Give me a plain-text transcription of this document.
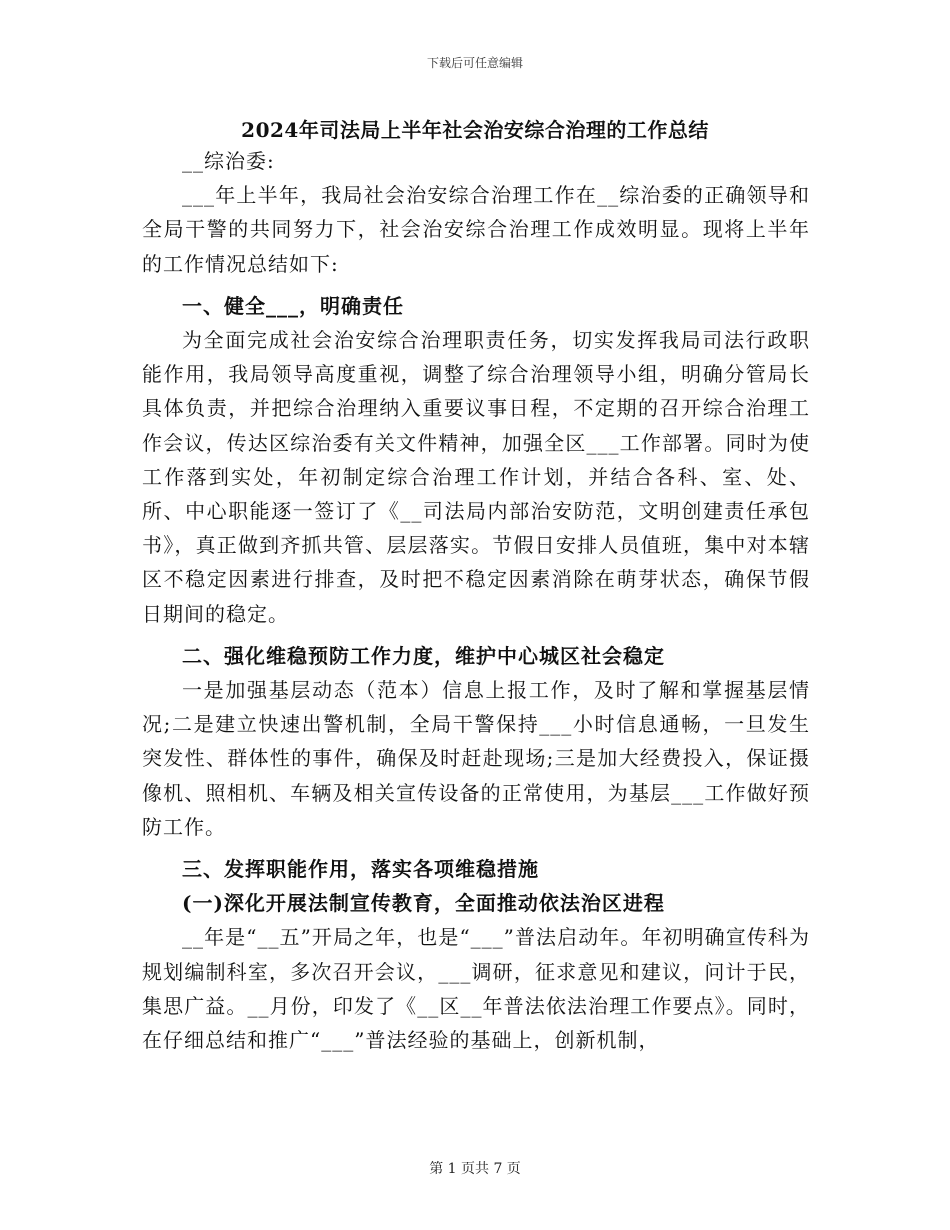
下载后可任意编辑
2024年司法局上半年社会治安综合治理的工作总结

__综治委:

___年上半年，我局社会治安综合治理工作在__综治委的正确领导和全局干警的共同努力下，社会治安综合治理工作成效明显。现将上半年的工作情况总结如下:

一、健全___，明确责任

为全面完成社会治安综合治理职责任务，切实发挥我局司法行政职能作用，我局领导高度重视，调整了综合治理领导小组，明确分管局长具体负责，并把综合治理纳入重要议事日程，不定期的召开综合治理工作会议，传达区综治委有关文件精神，加强全区___工作部署。同时为使工作落到实处，年初制定综合治理工作计划，并结合各科、室、处、所、中心职能逐一签订了《__司法局内部治安防范，文明创建责任承包书》，真正做到齐抓共管、层层落实。节假日安排人员值班，集中对本辖区不稳定因素进行排查，及时把不稳定因素消除在萌芽状态，确保节假日期间的稳定。

二、强化维稳预防工作力度，维护中心城区社会稳定

一是加强基层动态（范本）信息上报工作，及时了解和掌握基层情况;二是建立快速出警机制，全局干警保持___小时信息通畅，一旦发生突发性、群体性的事件，确保及时赶赴现场;三是加大经费投入，保证摄像机、照相机、车辆及相关宣传设备的正常使用，为基层___工作做好预防工作。

三、发挥职能作用，落实各项维稳措施
(一)深化开展法制宣传教育，全面推动依法治区进程

__年是“__五”开局之年，也是“___”普法启动年。年初明确宣传科为规划编制科室，多次召开会议，___调研，征求意见和建议，问计于民，集思广益。__月份，印发了《__区__年普法依法治理工作要点》。同时，在仔细总结和推广“___”普法经验的基础上，创新机制，

第 1 页共 7 页
